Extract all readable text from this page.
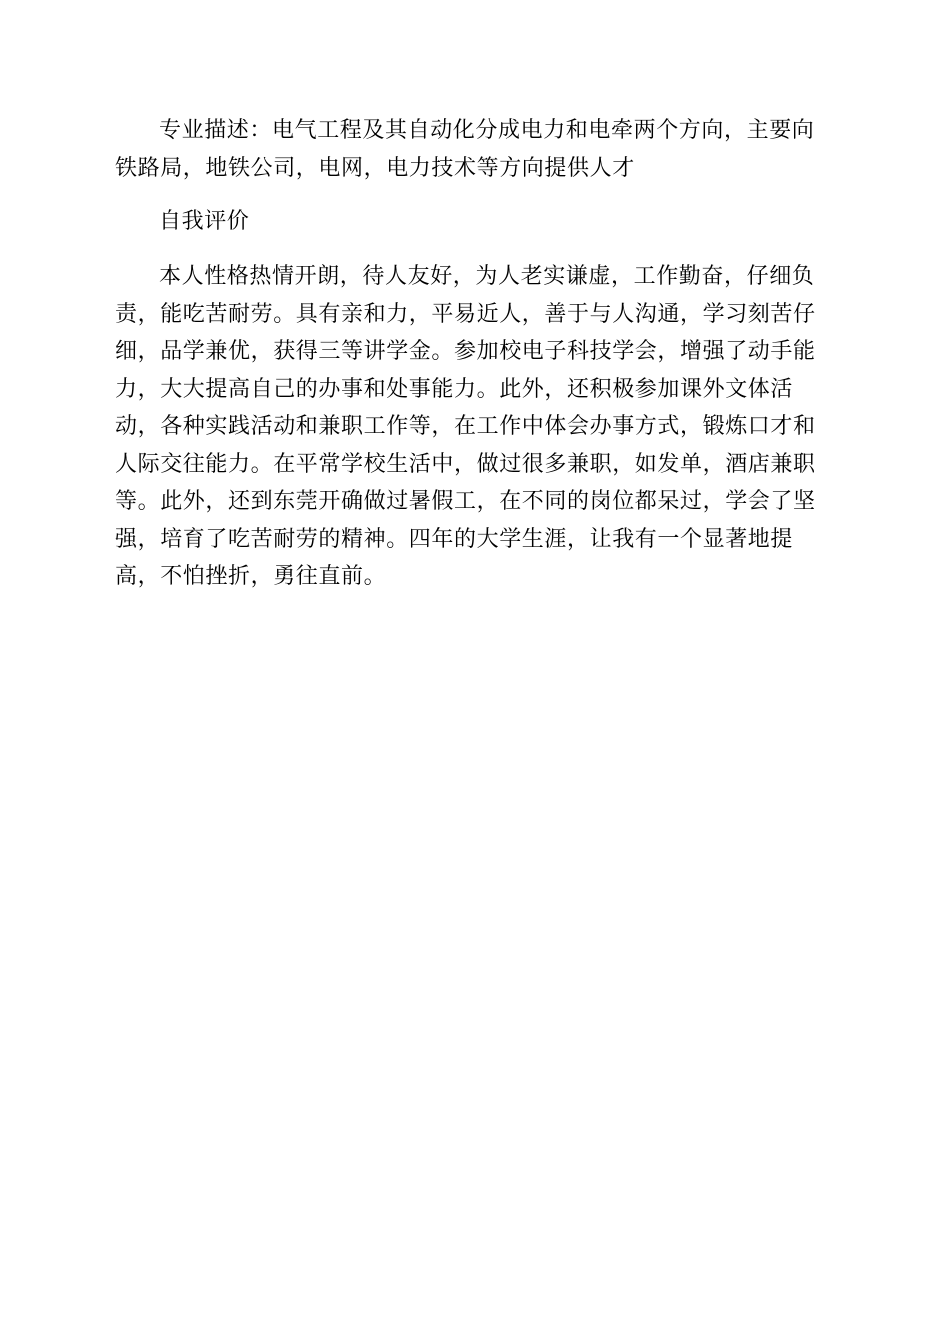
专业描述：电气工程及其自动化分成电力和电牵两个方向，主要向铁路局，地铁公司，电网，电力技术等方向提供人才

自我评价

本人性格热情开朗，待人友好，为人老实谦虚，工作勤奋，仔细负责，能吃苦耐劳。具有亲和力，平易近人，善于与人沟通，学习刻苦仔细，品学兼优，获得三等讲学金。参加校电子科技学会，增强了动手能力，大大提高自己的办事和处事能力。此外，还积极参加课外文体活动，各种实践活动和兼职工作等，在工作中体会办事方式，锻炼口才和人际交往能力。在平常学校生活中，做过很多兼职，如发单，酒店兼职等。此外，还到东莞开确做过暑假工，在不同的岗位都呆过，学会了坚强，培育了吃苦耐劳的精神。四年的大学生涯，让我有一个显著地提高，不怕挫折，勇往直前。
